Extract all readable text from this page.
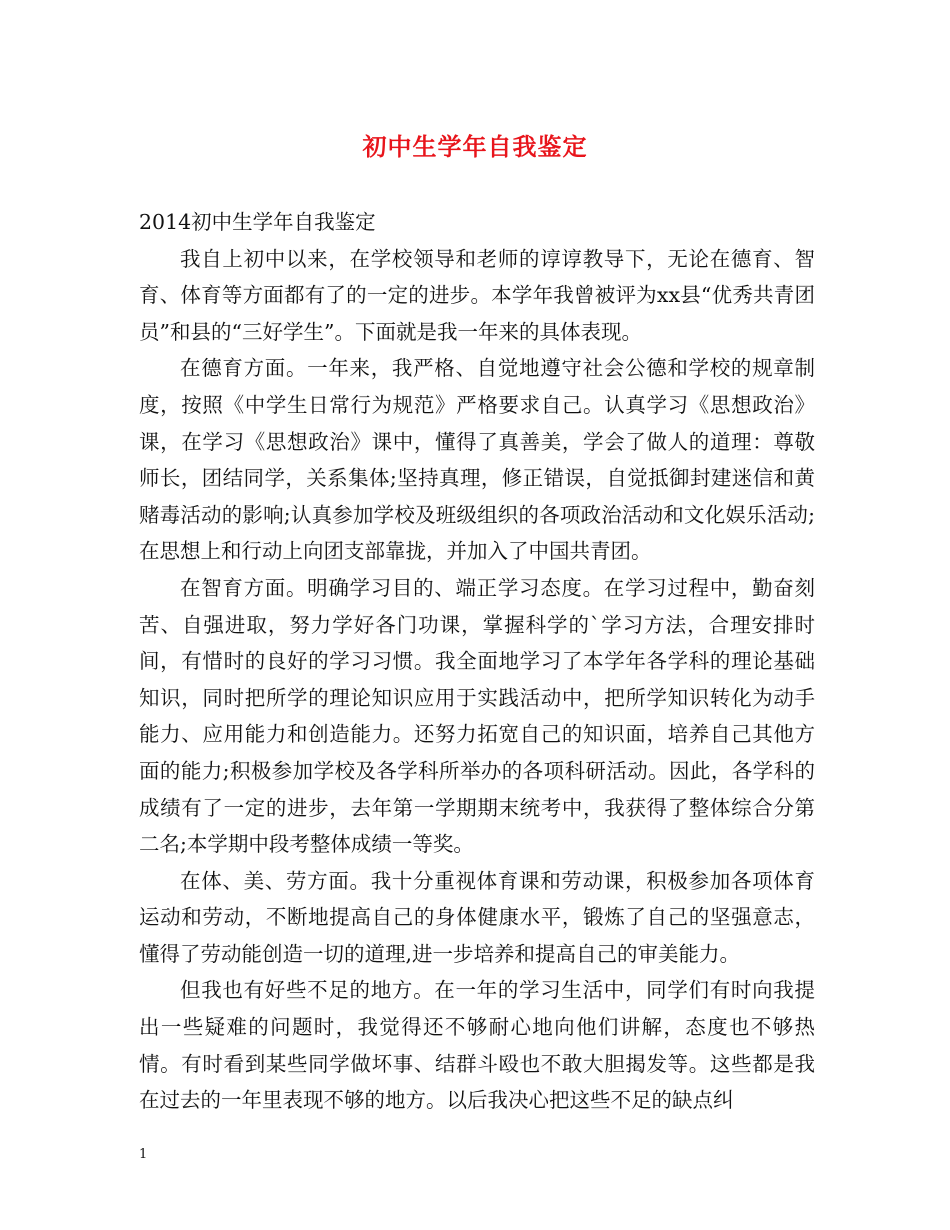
初中生学年自我鉴定

2014初中生学年自我鉴定

我自上初中以来，在学校领导和老师的谆谆教导下，无论在德育、智育、体育等方面都有了的一定的进步。本学年我曾被评为xx县“优秀共青团员”和县的“三好学生”。下面就是我一年来的具体表现。

在德育方面。一年来，我严格、自觉地遵守社会公德和学校的规章制度，按照《中学生日常行为规范》严格要求自己。认真学习《思想政治》课，在学习《思想政治》课中，懂得了真善美，学会了做人的道理：尊敬师长，团结同学，关系集体;坚持真理，修正错误，自觉抵御封建迷信和黄赌毒活动的影响;认真参加学校及班级组织的各项政治活动和文化娱乐活动;在思想上和行动上向团支部靠拢，并加入了中国共青团。

在智育方面。明确学习目的、端正学习态度。在学习过程中，勤奋刻苦、自强进取，努力学好各门功课，掌握科学的`学习方法，合理安排时间，有惜时的良好的学习习惯。我全面地学习了本学年各学科的理论基础知识，同时把所学的理论知识应用于实践活动中，把所学知识转化为动手能力、应用能力和创造能力。还努力拓宽自己的知识面，培养自己其他方面的能力;积极参加学校及各学科所举办的各项科研活动。因此，各学科的成绩有了一定的进步，去年第一学期期末统考中，我获得了整体综合分第二名;本学期中段考整体成绩一等奖。

在体、美、劳方面。我十分重视体育课和劳动课，积极参加各项体育运动和劳动，不断地提高自己的身体健康水平，锻炼了自己的坚强意志，懂得了劳动能创造一切的道理,进一步培养和提高自己的审美能力。

但我也有好些不足的地方。在一年的学习生活中，同学们有时向我提出一些疑难的问题时，我觉得还不够耐心地向他们讲解，态度也不够热情。有时看到某些同学做坏事、结群斗殴也不敢大胆揭发等。这些都是我在过去的一年里表现不够的地方。以后我决心把这些不足的缺点纠

1
